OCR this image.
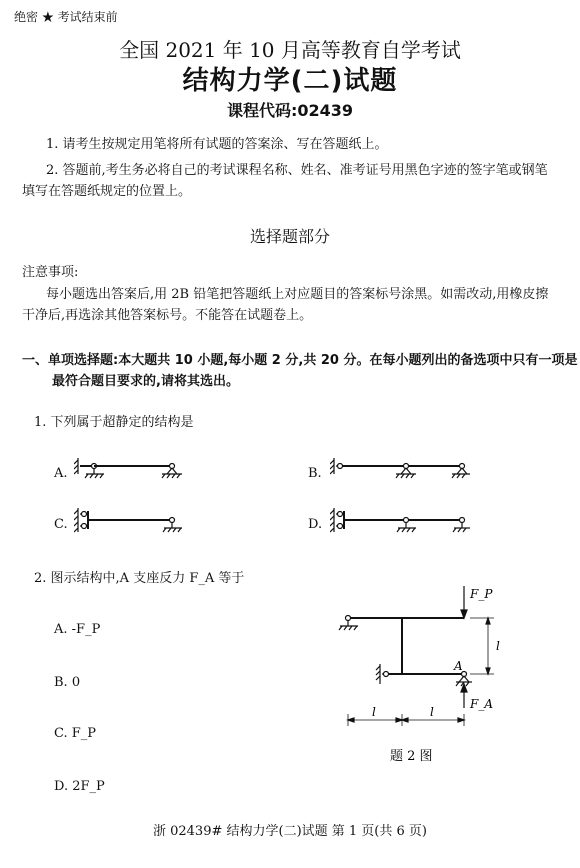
绝密 ★ 考试结束前
全国 2021 年 10 月高等教育自学考试
结构力学(二)试题
课程代码:02439
1. 请考生按规定用笔将所有试题的答案涂、写在答题纸上。
2. 答题前,考生务必将自己的考试课程名称、姓名、准考证号用黑色字迹的签字笔或钢笔填写在答题纸规定的位置上。
选择题部分
注意事项:
每小题选出答案后,用 2B 铅笔把答题纸上对应题目的答案标号涂黑。如需改动,用橡皮擦干净后,再选涂其他答案标号。不能答在试题卷上。
一、单项选择题:本大题共 10 小题,每小题 2 分,共 20 分。在每小题列出的备选项中只有一项是最符合题目要求的,请将其选出。
1. 下列属于超静定的结构是
A.	B.
C.	D.
2. 图示结构中,A 支座反力 F_A 等于
A. -F_P
B. 0
C. F_P
D. 2F_P
F_P
A
F_A
l
l	l
题 2 图
浙 02439# 结构力学(二)试题 第 1 页(共 6 页)
